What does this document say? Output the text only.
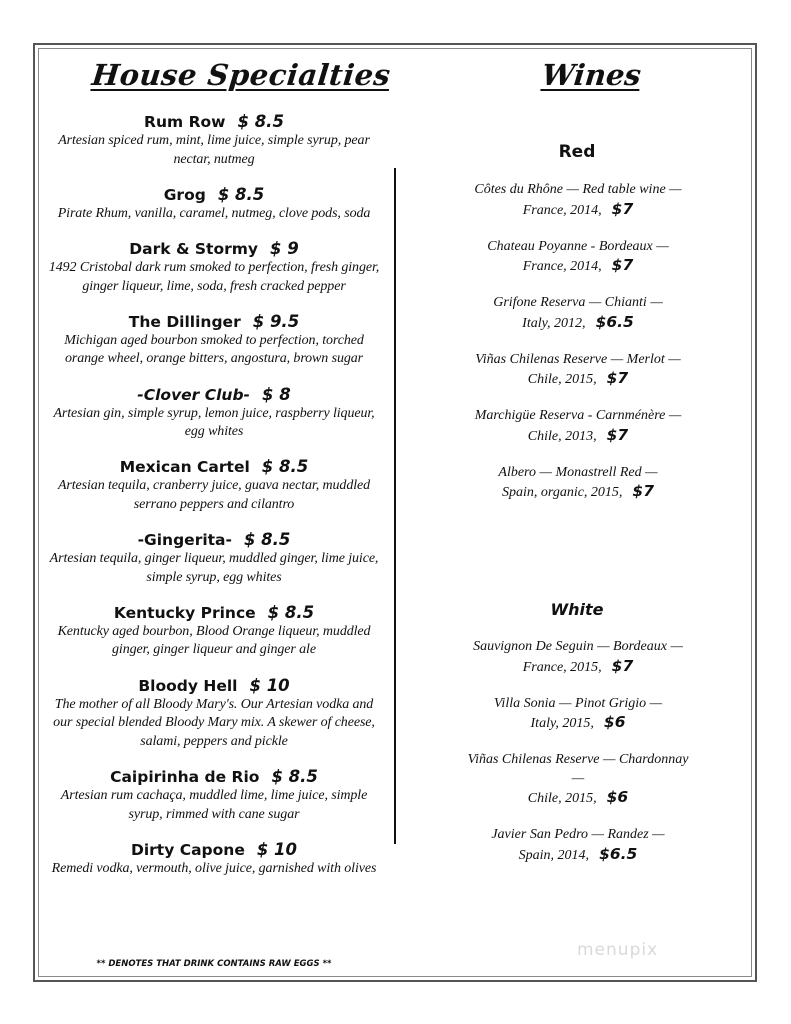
House Specialties	Wines
Rum Row $ 8.5
Artesian spiced rum, mint, lime juice, simple syrup, pear nectar, nutmeg
Grog $ 8.5
Pirate Rhum, vanilla, caramel, nutmeg, clove pods, soda
Dark & Stormy $ 9
1492 Cristobal dark rum smoked to perfection, fresh ginger, ginger liqueur, lime, soda, fresh cracked pepper
The Dillinger $ 9.5
Michigan aged bourbon smoked to perfection, torched orange wheel, orange bitters, angostura, brown sugar
-Clover Club- $ 8
Artesian gin, simple syrup, lemon juice, raspberry liqueur, egg whites
Mexican Cartel $ 8.5
Artesian tequila, cranberry juice, guava nectar, muddled serrano peppers and cilantro
-Gingerita- $ 8.5
Artesian tequila, ginger liqueur, muddled ginger, lime juice, simple syrup, egg whites
Kentucky Prince $ 8.5
Kentucky aged bourbon, Blood Orange liqueur, muddled ginger, ginger liqueur and ginger ale
Bloody Hell $ 10
The mother of all Bloody Mary's. Our Artesian vodka and our special blended Bloody Mary mix. A skewer of cheese, salami, peppers and pickle
Caipirinha de Rio $ 8.5
Artesian rum cachaça, muddled lime, lime juice, simple syrup, rimmed with cane sugar
Dirty Capone $ 10
Remedi vodka, vermouth, olive juice, garnished with olives
** DENOTES THAT DRINK CONTAINS RAW EGGS **
Red
Côtes du Rhône — Red table wine —
France, 2014, $7
Chateau Poyanne - Bordeaux —
France, 2014, $7
Grifone Reserva — Chianti —
Italy, 2012, $6.5
Viñas Chilenas Reserve — Merlot —
Chile, 2015, $7
Marchigüe Reserva - Carnménère —
Chile, 2013, $7
Albero — Monastrell Red —
Spain, organic, 2015, $7
White
Sauvignon De Seguin — Bordeaux —
France, 2015, $7
Villa Sonia — Pinot Grigio —
Italy, 2015, $6
Viñas Chilenas Reserve — Chardonnay—
Chile, 2015, $6
Javier San Pedro — Randez —
Spain, 2014, $6.5
menupix
